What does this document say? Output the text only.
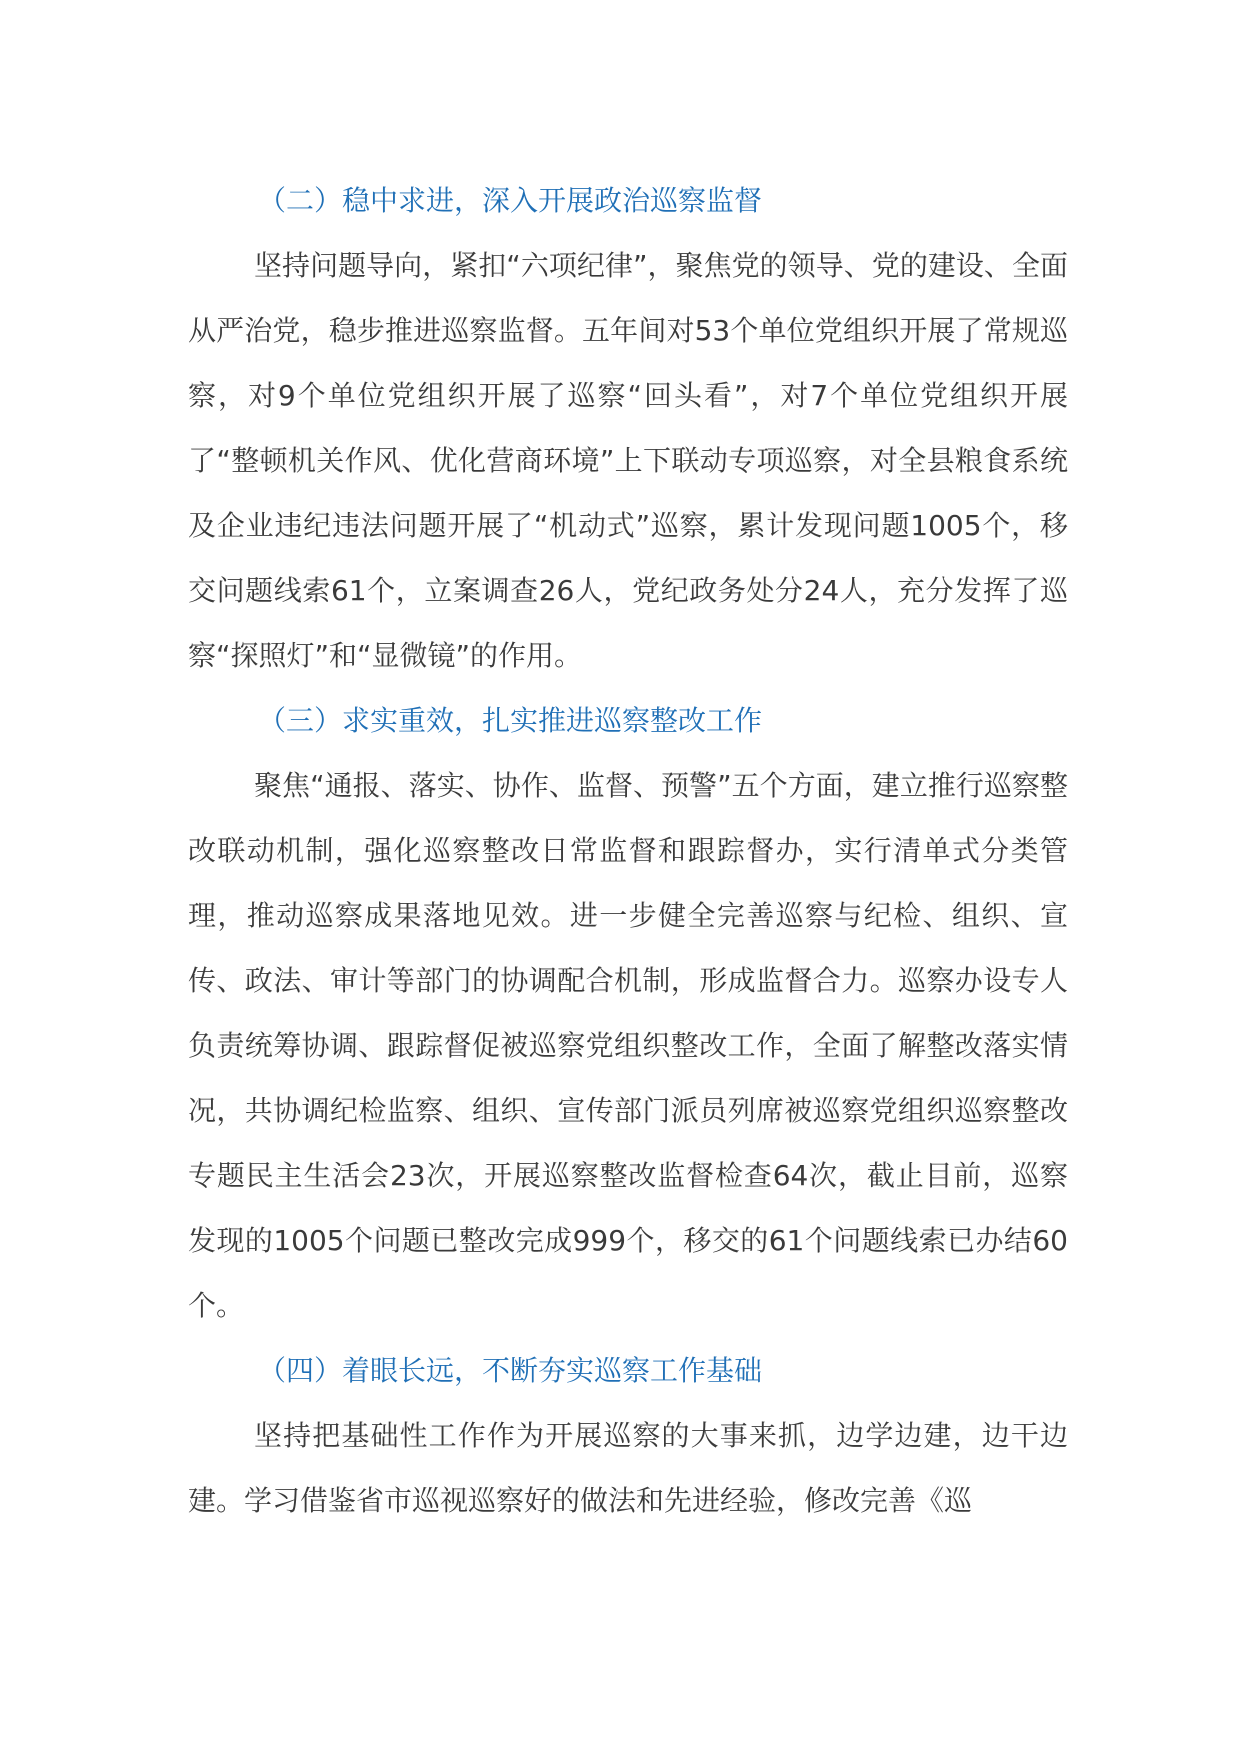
（二）稳中求进，深入开展政治巡察监督

坚持问题导向，紧扣“六项纪律”，聚焦党的领导、党的建设、全面从严治党，稳步推进巡察监督。五年间对53个单位党组织开展了常规巡察，对9个单位党组织开展了巡察“回头看”，对7个单位党组织开展了“整顿机关作风、优化营商环境”上下联动专项巡察，对全县粮食系统及企业违纪违法问题开展了“机动式”巡察，累计发现问题1005个，移交问题线索61个，立案调查26人，党纪政务处分24人，充分发挥了巡察“探照灯”和“显微镜”的作用。

（三）求实重效，扎实推进巡察整改工作

聚焦“通报、落实、协作、监督、预警”五个方面，建立推行巡察整改联动机制，强化巡察整改日常监督和跟踪督办，实行清单式分类管理，推动巡察成果落地见效。进一步健全完善巡察与纪检、组织、宣传、政法、审计等部门的协调配合机制，形成监督合力。巡察办设专人负责统筹协调、跟踪督促被巡察党组织整改工作，全面了解整改落实情况，共协调纪检监察、组织、宣传部门派员列席被巡察党组织巡察整改专题民主生活会23次，开展巡察整改监督检查64次，截止目前，巡察发现的1005个问题已整改完成999个，移交的61个问题线索已办结60个。

（四）着眼长远，不断夯实巡察工作基础

坚持把基础性工作作为开展巡察的大事来抓，边学边建，边干边建。学习借鉴省市巡视巡察好的做法和先进经验，修改完善《巡
